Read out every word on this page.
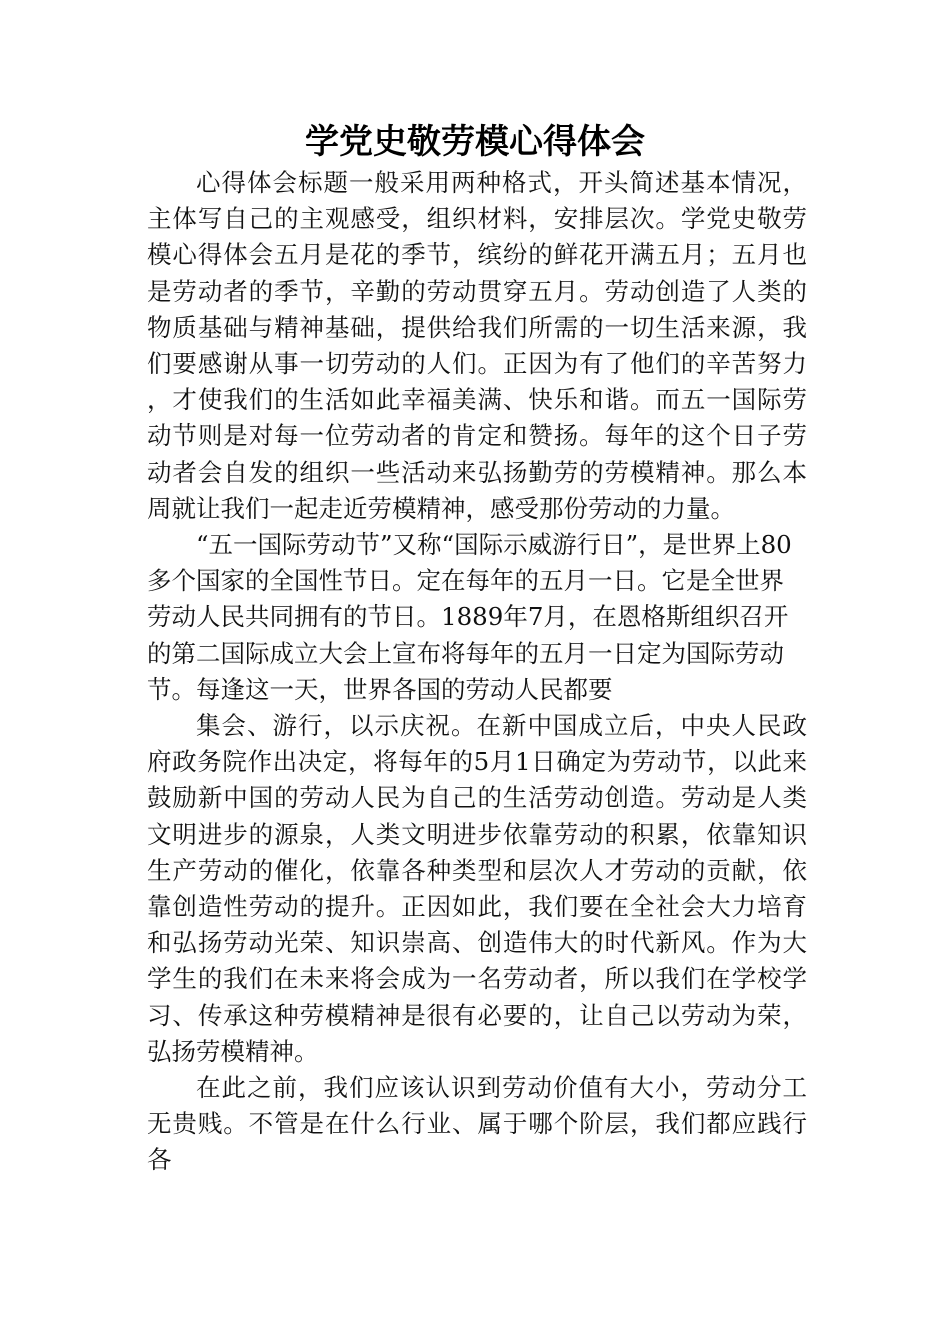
学党史敬劳模心得体会

心得体会标题一般采用两种格式，开头简述基本情况，主体写自己的主观感受，组织材料，安排层次。学党史敬劳模心得体会五月是花的季节，缤纷的鲜花开满五月；五月也是劳动者的季节，辛勤的劳动贯穿五月。劳动创造了人类的物质基础与精神基础，提供给我们所需的一切生活来源，我们要感谢从事一切劳动的人们。正因为有了他们的辛苦努力，才使我们的生活如此幸福美满、快乐和谐。而五一国际劳动节则是对每一位劳动者的肯定和赞扬。每年的这个日子劳动者会自发的组织一些活动来弘扬勤劳的劳模精神。那么本周就让我们一起走近劳模精神，感受那份劳动的力量。

“五一国际劳动节”又称“国际示威游行日”，是世界上80多个国家的全国性节日。定在每年的五月一日。它是全世界劳动人民共同拥有的节日。1889年7月，在恩格斯组织召开的第二国际成立大会上宣布将每年的五月一日定为国际劳动节。每逢这一天，世界各国的劳动人民都要

集会、游行，以示庆祝。在新中国成立后，中央人民政府政务院作出决定，将每年的5月1日确定为劳动节，以此来鼓励新中国的劳动人民为自己的生活劳动创造。劳动是人类文明进步的源泉，人类文明进步依靠劳动的积累，依靠知识生产劳动的催化，依靠各种类型和层次人才劳动的贡献，依靠创造性劳动的提升。正因如此，我们要在全社会大力培育和弘扬劳动光荣、知识崇高、创造伟大的时代新风。作为大学生的我们在未来将会成为一名劳动者，所以我们在学校学习、传承这种劳模精神是很有必要的，让自己以劳动为荣，弘扬劳模精神。

在此之前，我们应该认识到劳动价值有大小，劳动分工无贵贱。不管是在什么行业、属于哪个阶层，我们都应践行各
